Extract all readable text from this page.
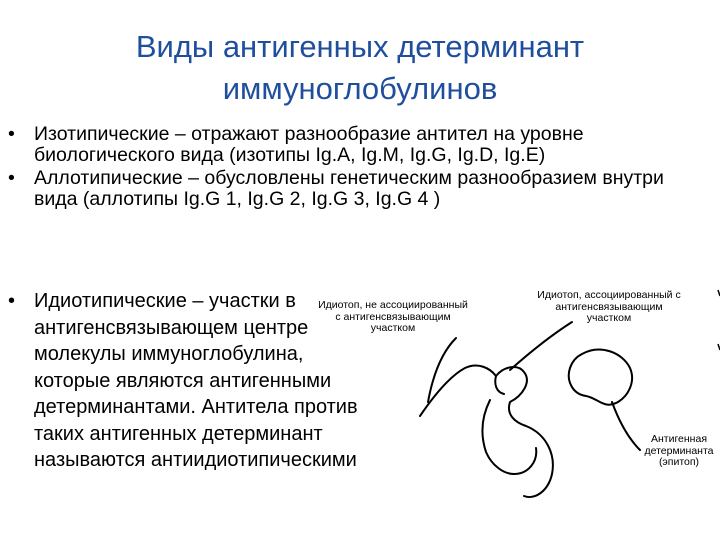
Виды антигенных детерминант
иммуноглобулинов

• Изотипические – отражают разнообразие антител на уровне биологического вида (изотипы Ig.A, Ig.M, Ig.G, Ig.D, Ig.E)

• Аллотипические – обусловлены генетическим разнообразием внутри вида (аллотипы Ig.G 1, Ig.G 2, Ig.G 3, Ig.G 4 )

• Идиотипические – участки в антигенсвязывающем центре молекулы иммуноглобулина, которые являются антигенными детерминантами. Антитела против таких антигенных детерминант называются антиидиотипическими

Идиотоп, не ассоциированный с антигенсвязывающим участком
Идиотоп, ассоциированный с антигенсвязывающим участком
Антигенная детерминанта (эпитоп)
